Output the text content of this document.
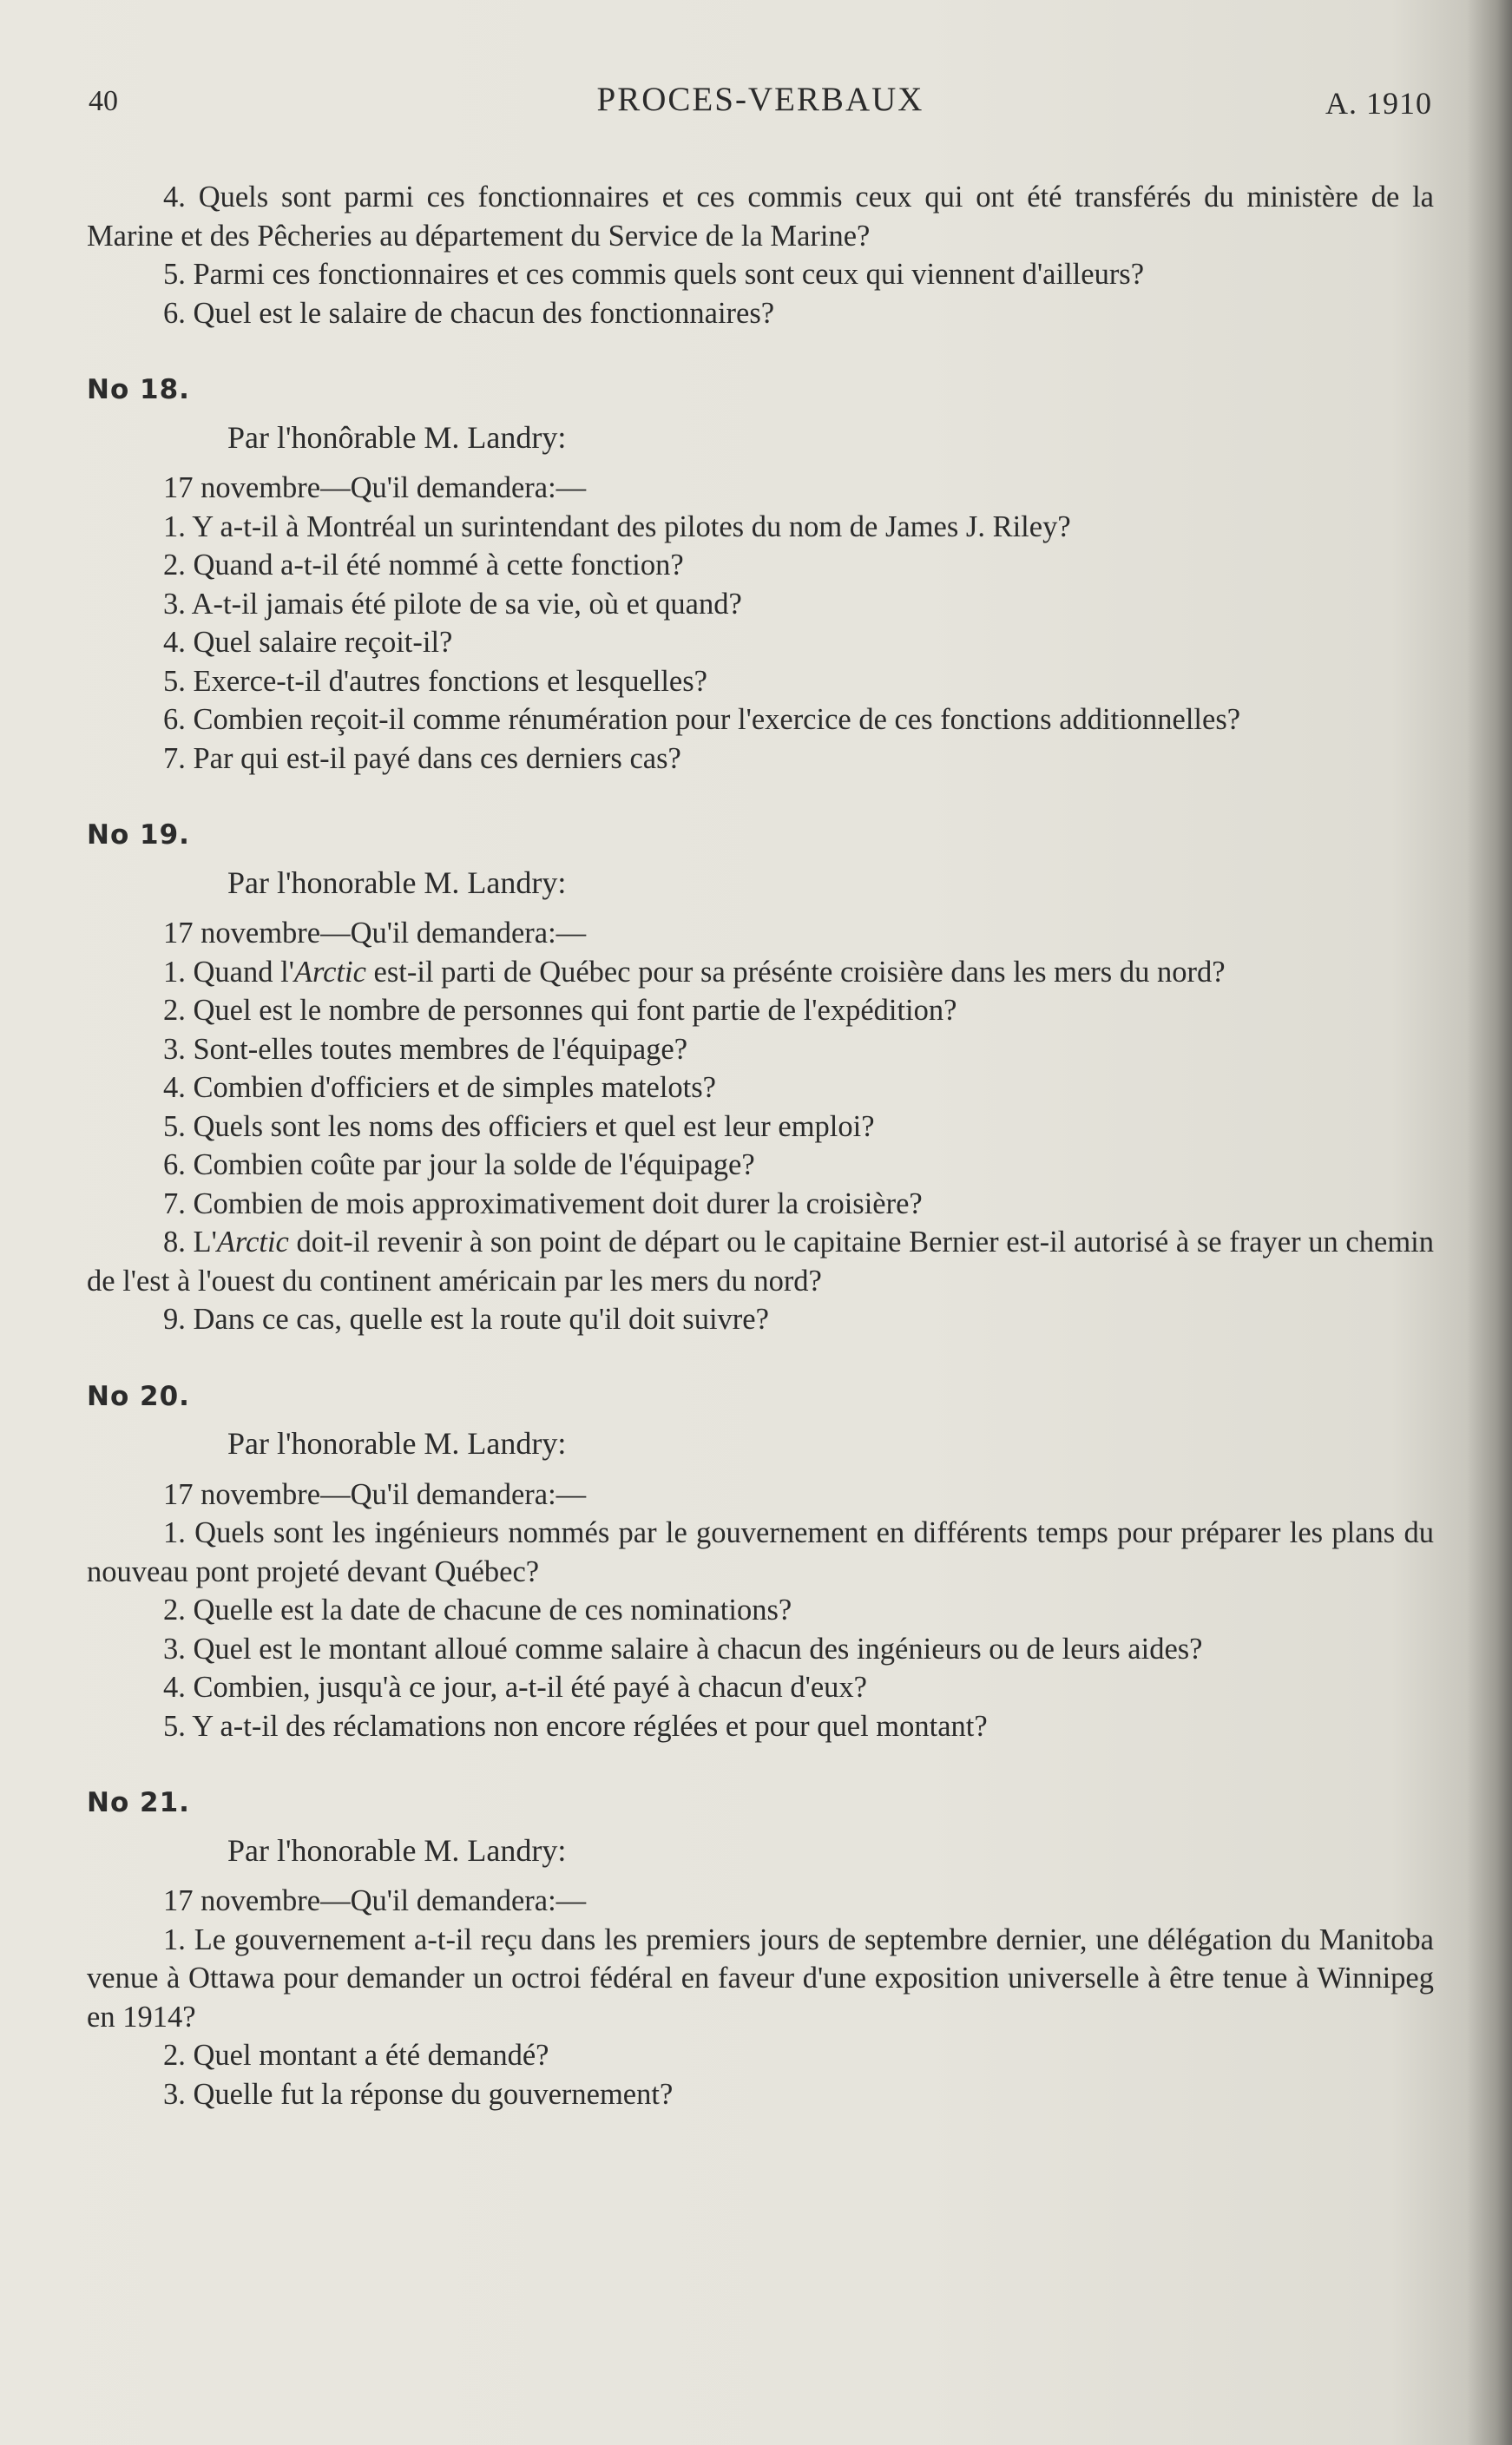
40	PROCES-VERBAUX	A. 1910

4. Quels sont parmi ces fonctionnaires et ces commis ceux qui ont été transférés du ministère de la Marine et des Pêcheries au département du Service de la Marine?

5. Parmi ces fonctionnaires et ces commis quels sont ceux qui viennent d'ailleurs?

6. Quel est le salaire de chacun des fonctionnaires?

No 18.

Par l'honôrable M. Landry:

17 novembre—Qu'il demandera:—

1. Y a-t-il à Montréal un surintendant des pilotes du nom de James J. Riley?

2. Quand a-t-il été nommé à cette fonction?

3. A-t-il jamais été pilote de sa vie, où et quand?

4. Quel salaire reçoit-il?

5. Exerce-t-il d'autres fonctions et lesquelles?

6. Combien reçoit-il comme rénumération pour l'exercice de ces fonctions additionnelles?

7. Par qui est-il payé dans ces derniers cas?

No 19.

Par l'honorable M. Landry:

17 novembre—Qu'il demandera:—

1. Quand l'Arctic est-il parti de Québec pour sa présénte croisière dans les mers du nord?

2. Quel est le nombre de personnes qui font partie de l'expédition?

3. Sont-elles toutes membres de l'équipage?

4. Combien d'officiers et de simples matelots?

5. Quels sont les noms des officiers et quel est leur emploi?

6. Combien coûte par jour la solde de l'équipage?

7. Combien de mois approximativement doit durer la croisière?

8. L'Arctic doit-il revenir à son point de départ ou le capitaine Bernier est-il autorisé à se frayer un chemin de l'est à l'ouest du continent américain par les mers du nord?

9. Dans ce cas, quelle est la route qu'il doit suivre?

No 20.

Par l'honorable M. Landry:

17 novembre—Qu'il demandera:—

1. Quels sont les ingénieurs nommés par le gouvernement en différents temps pour préparer les plans du nouveau pont projeté devant Québec?

2. Quelle est la date de chacune de ces nominations?

3. Quel est le montant alloué comme salaire à chacun des ingénieurs ou de leurs aides?

4. Combien, jusqu'à ce jour, a-t-il été payé à chacun d'eux?

5. Y a-t-il des réclamations non encore réglées et pour quel montant?

No 21.

Par l'honorable M. Landry:

17 novembre—Qu'il demandera:—

1. Le gouvernement a-t-il reçu dans les premiers jours de septembre dernier, une délégation du Manitoba venue à Ottawa pour demander un octroi fédéral en faveur d'une exposition universelle à être tenue à Winnipeg en 1914?

2. Quel montant a été demandé?

3. Quelle fut la réponse du gouvernement?
